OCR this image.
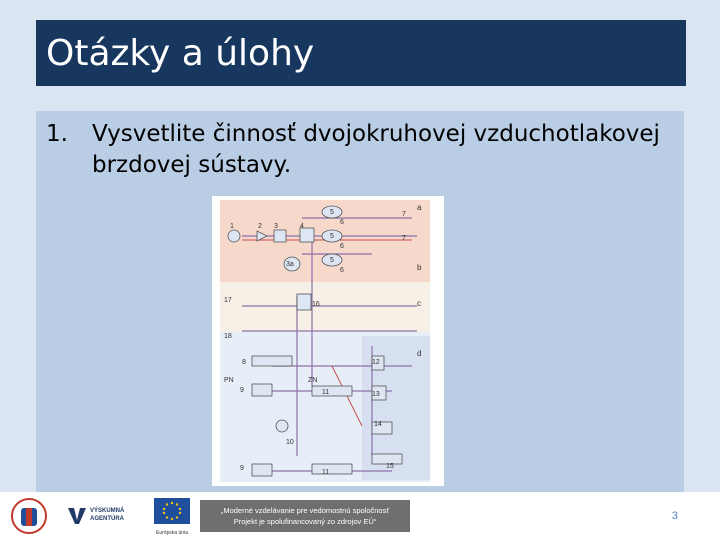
Otázky a úlohy
1. Vysvetlite činnosť dvojokruhovej vzduchotlakovej brzdovej sústavy.
1	2 3	4
5
6
5
6
5
6
7
7
3a
17
16
18
8	12
PN	ZN
9	11	13
14
10
9
11
15
a
b
c
d
VÝSKUMNÁ AGENTÚRA
Európska únia
„Moderné vzdelávanie pre vedomostnú spoločnosť
Projekt je spolufinancovaný zo zdrojov EÚ“	3
